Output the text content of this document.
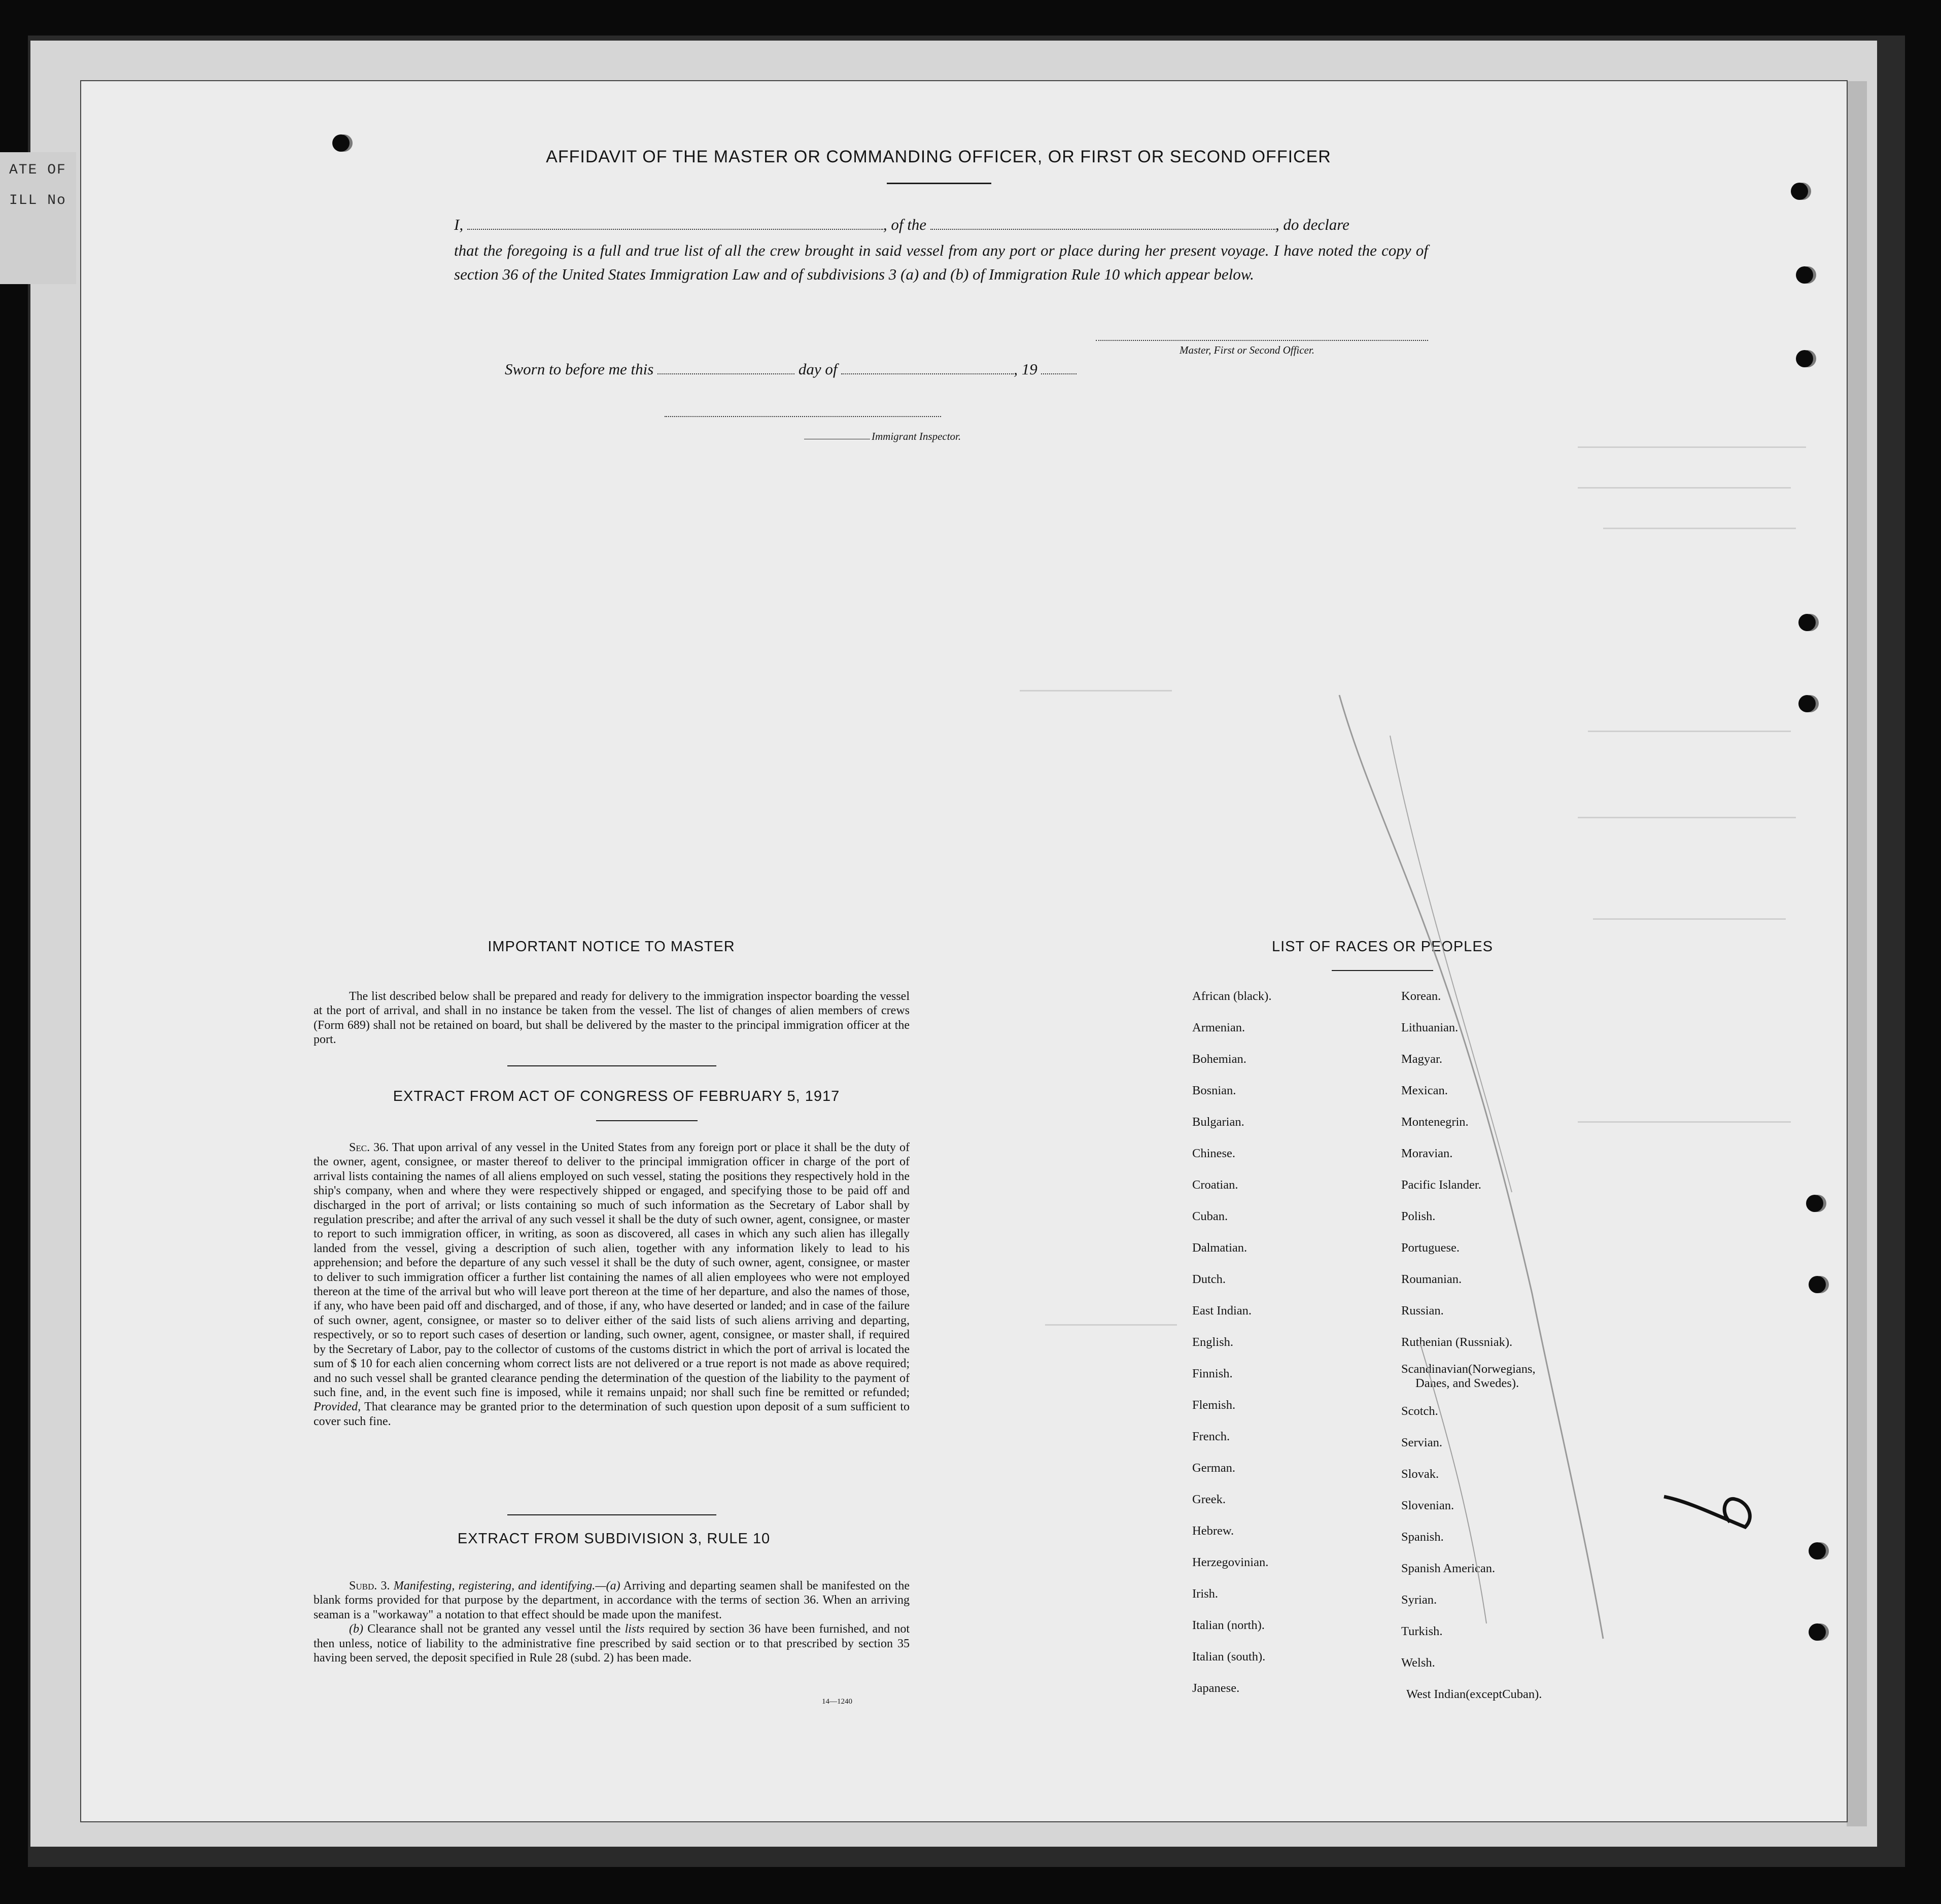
ATE OF
ILL No
AFFIDAVIT OF THE MASTER OR COMMANDING OFFICER, OR FIRST OR SECOND OFFICER
I,	, of the	, do declare
that the foregoing is a full and true list of all the crew brought in said vessel from any port or place during her present voyage. I have noted the copy of section 36 of the United States Immigration Law and of subdivisions 3 (a) and (b) of Immigration Rule 10 which appear below.
Master, First or Second Officer.
Sworn to before me this	day of	, 19
Immigrant Inspector.
IMPORTANT NOTICE TO MASTER

The list described below shall be prepared and ready for delivery to the immigration inspector boarding the vessel at the port of arrival, and shall in no instance be taken from the vessel. The list of changes of alien members of crews (Form 689) shall not be retained on board, but shall be delivered by the master to the principal immigration officer at the port.

EXTRACT FROM ACT OF CONGRESS OF FEBRUARY 5, 1917

Sec. 36. That upon arrival of any vessel in the United States from any foreign port or place it shall be the duty of the owner, agent, consignee, or master thereof to deliver to the principal immigration officer in charge of the port of arrival lists containing the names of all aliens employed on such vessel, stating the positions they respectively hold in the ship's company, when and where they were respectively shipped or engaged, and specifying those to be paid off and discharged in the port of arrival; or lists containing so much of such information as the Secretary of Labor shall by regulation prescribe; and after the arrival of any such vessel it shall be the duty of such owner, agent, consignee, or master to report to such immigration officer, in writing, as soon as discovered, all cases in which any such alien has illegally landed from the vessel, giving a description of such alien, together with any information likely to lead to his apprehension; and before the departure of any such vessel it shall be the duty of such owner, agent, consignee, or master to deliver to such immigration officer a further list containing the names of all alien employees who were not employed thereon at the time of the arrival but who will leave port thereon at the time of her departure, and also the names of those, if any, who have been paid off and discharged, and of those, if any, who have deserted or landed; and in case of the failure of such owner, agent, consignee, or master so to deliver either of the said lists of such aliens arriving and departing, respectively, or so to report such cases of desertion or landing, such owner, agent, consignee, or master shall, if required by the Secretary of Labor, pay to the collector of customs of the customs district in which the port of arrival is located the sum of $ 10 for each alien concerning whom correct lists are not delivered or a true report is not made as above required; and no such vessel shall be granted clearance pending the determination of the question of the liability to the payment of such fine, and, in the event such fine is imposed, while it remains unpaid; nor shall such fine be remitted or refunded; Provided, That clearance may be granted prior to the determination of such question upon deposit of a sum sufficient to cover such fine.

EXTRACT FROM SUBDIVISION 3, RULE 10

Subd. 3. Manifesting, registering, and identifying.—(a) Arriving and departing seamen shall be manifested on the blank forms provided for that purpose by the department, in accordance with the terms of section 36. When an arriving seaman is a "workaway" a notation to that effect should be made upon the manifest.

(b) Clearance shall not be granted any vessel until the lists required by section 36 have been furnished, and not then unless, notice of liability to the administrative fine prescribed by said section or to that prescribed by section 35 having been served, the deposit specified in Rule 28 (subd. 2) has been made.

14—1240
LIST OF RACES OR PEOPLES
African (black).
Armenian.
Bohemian.
Bosnian.
Bulgarian.
Chinese.
Croatian.
Cuban.
Dalmatian.
Dutch.
East Indian.
English.
Finnish.
Flemish.
French.
German.
Greek.
Hebrew.
Herzegovinian.
Irish.
Italian (north).
Italian (south).
Japanese.
Korean.
Lithuanian.
Magyar.
Mexican.
Montenegrin.
Moravian.
Pacific Islander.
Polish.
Portuguese.
Roumanian.
Russian.
Ruthenian (Russniak).
Scandinavian(Norwegians,
Danes, and Swedes).
Scotch.
Servian.
Slovak.
Slovenian.
Spanish.
Spanish American.
Syrian.
Turkish.
Welsh.
West Indian(exceptCuban).
